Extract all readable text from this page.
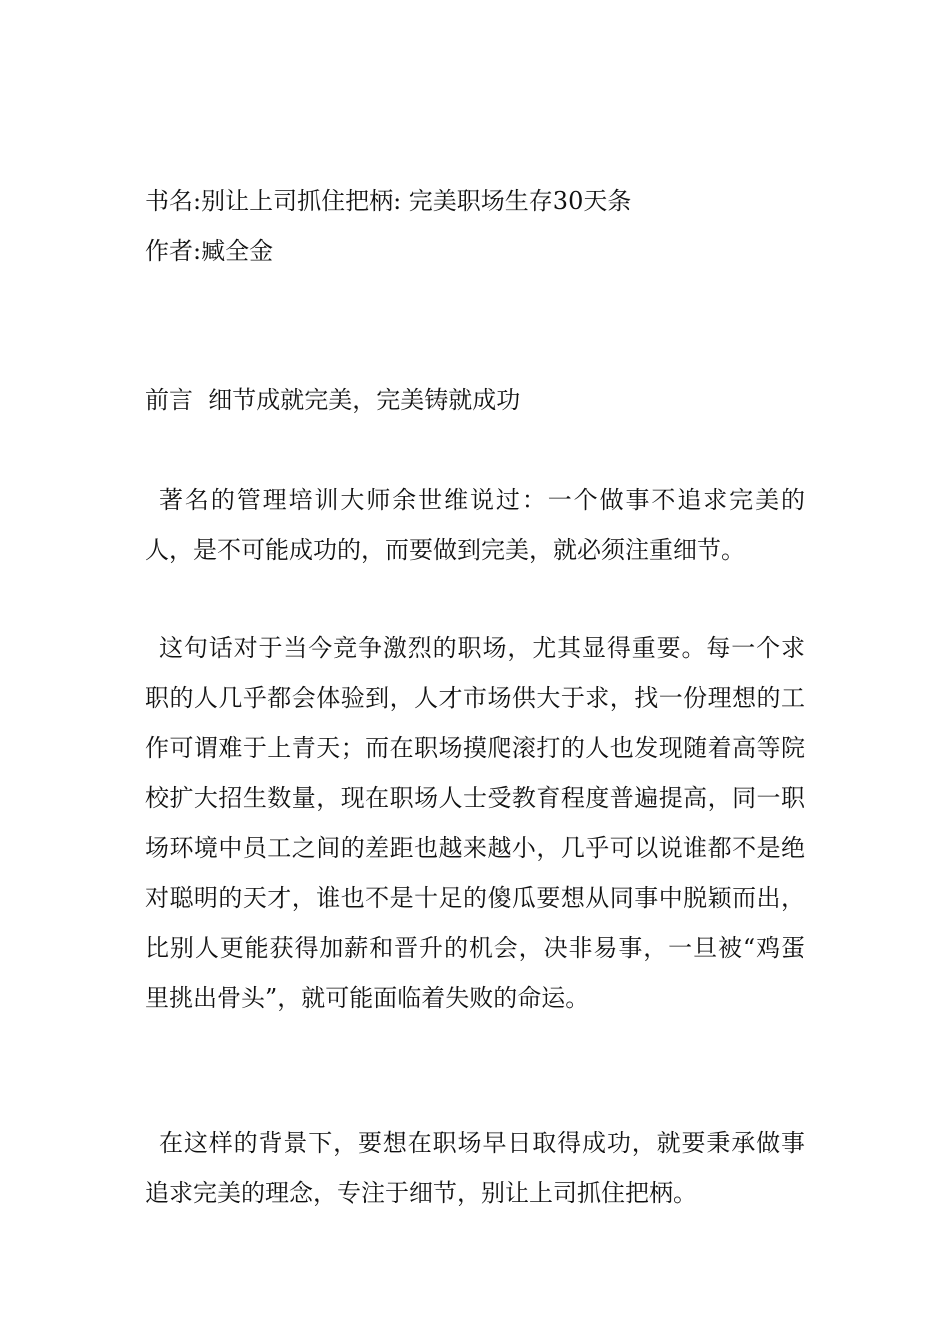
书名:别让上司抓住把柄: 完美职场生存30天条

作者:臧全金

前言  细节成就完美，完美铸就成功

著名的管理培训大师余世维说过：一个做事不追求完美的人，是不可能成功的，而要做到完美，就必须注重细节。

这句话对于当今竞争激烈的职场，尤其显得重要。每一个求职的人几乎都会体验到，人才市场供大于求，找一份理想的工作可谓难于上青天；而在职场摸爬滚打的人也发现随着高等院校扩大招生数量，现在职场人士受教育程度普遍提高，同一职场环境中员工之间的差距也越来越小，几乎可以说谁都不是绝对聪明的天才，谁也不是十足的傻瓜要想从同事中脱颖而出，比别人更能获得加薪和晋升的机会，决非易事，一旦被“鸡蛋里挑出骨头”，就可能面临着失败的命运。

在这样的背景下，要想在职场早日取得成功，就要秉承做事追求完美的理念，专注于细节，别让上司抓住把柄。
